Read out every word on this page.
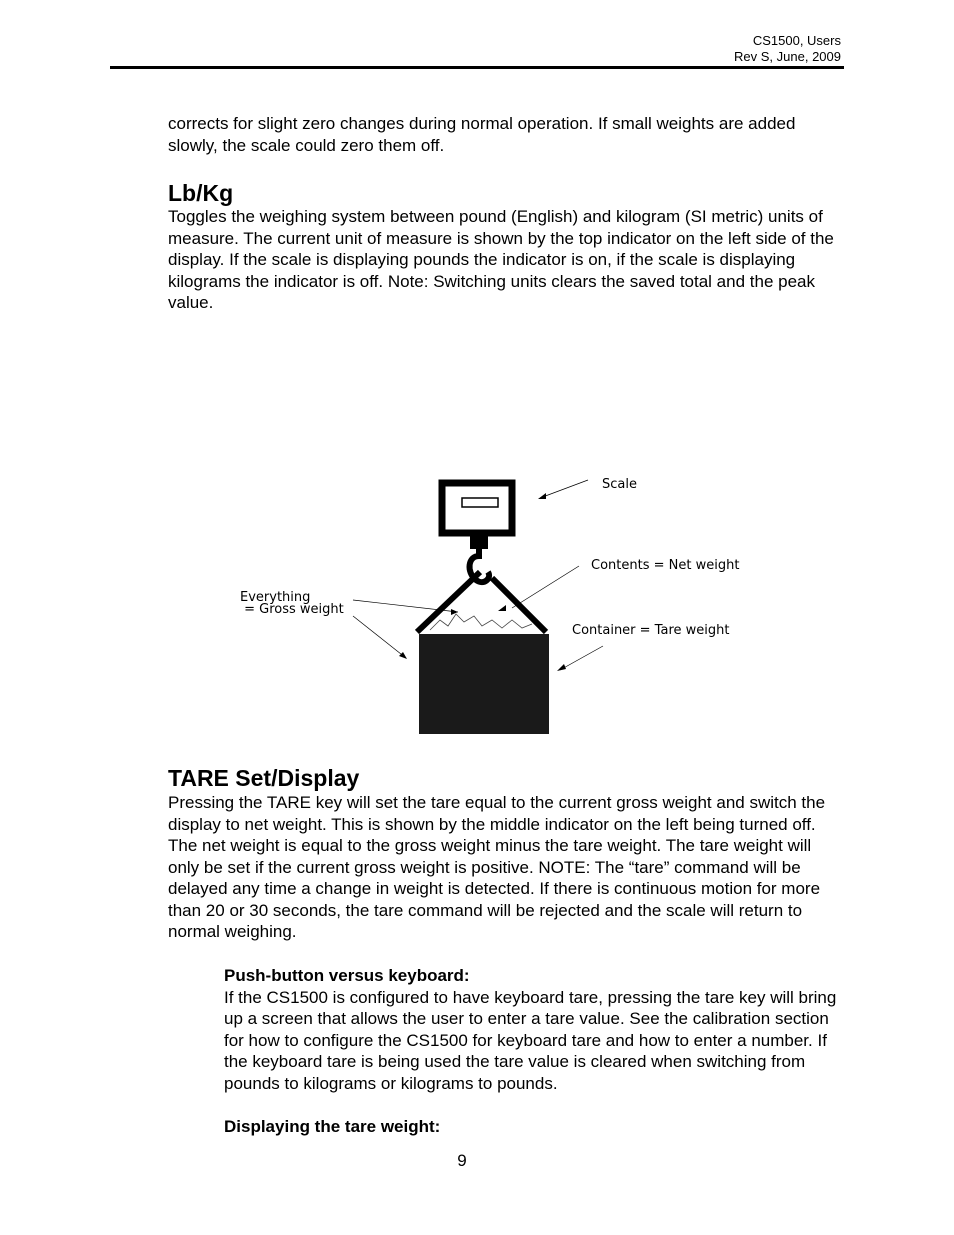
CS1500, Users
Rev S, June, 2009

corrects for slight zero changes during normal operation. If small weights are added slowly, the scale could zero them off.

Lb/Kg

Toggles the weighing system between pound (English) and kilogram (SI metric) units of measure. The current unit of measure is shown by the top indicator on the left side of the display. If the scale is displaying pounds the indicator is on, if the scale is displaying kilograms the indicator is off. Note: Switching units clears the saved total and the peak value.

Scale
Contents = Net weight
Everything
= Gross weight
Container = Tare weight
TARE Set/Display

Pressing the TARE key will set the tare equal to the current gross weight and switch the display to net weight. This is shown by the middle indicator on the left being turned off. The net weight is equal to the gross weight minus the tare weight. The tare weight will only be set if the current gross weight is positive. NOTE: The “tare” command will be delayed any time a change in weight is detected. If there is continuous motion for more than 20 or 30 seconds, the tare command will be rejected and the scale will return to normal weighing.

Push-button versus keyboard:
If the CS1500 is configured to have keyboard tare, pressing the tare key will bring up a screen that allows the user to enter a tare value. See the calibration section for how to configure the CS1500 for keyboard tare and how to enter a number. If the keyboard tare is being used the tare value is cleared when switching from pounds to kilograms or kilograms to pounds.

Displaying the tare weight:

9
